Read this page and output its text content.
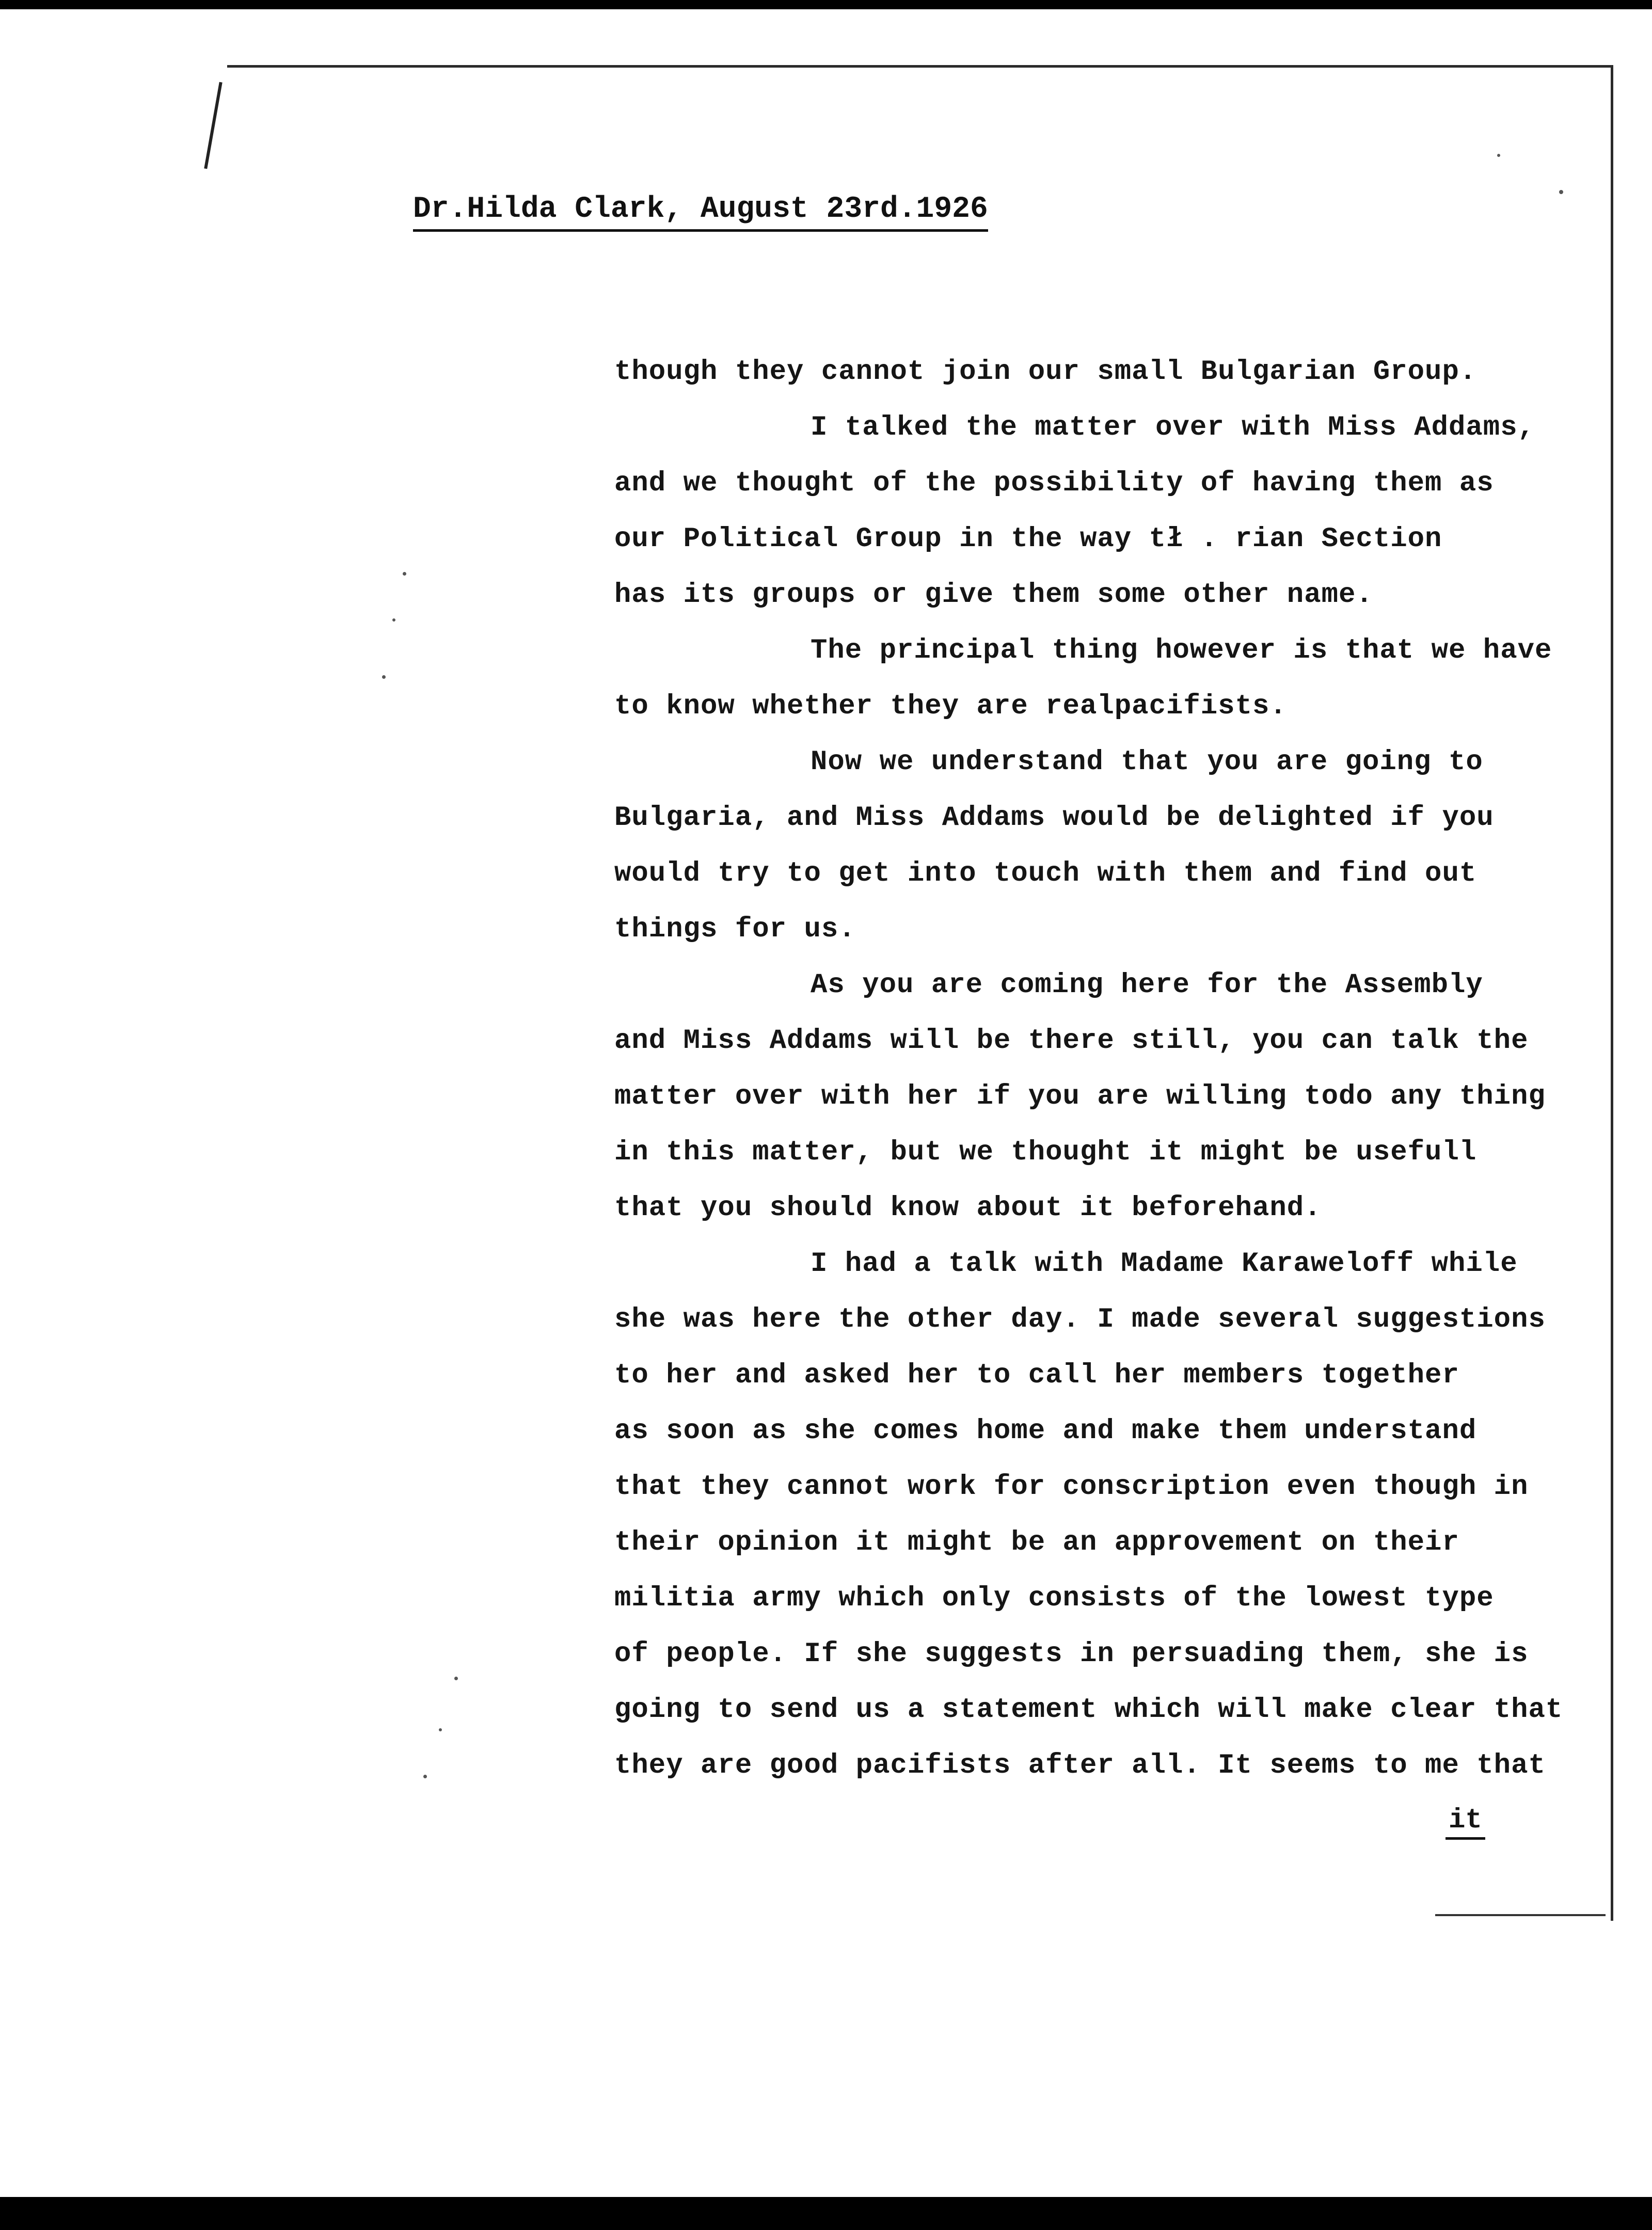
Dr.Hilda Clark, August 23rd.1926

though they cannot join our small Bulgarian Group.

I talked the matter over with Miss Addams,

and we thought of the possibility of having them as

our Political Group in the way tł . rian Section

has its groups or give them some other name.

The principal thing however is that we have

to know whether they are realpacifists.

Now we understand that you are going to

Bulgaria, and Miss Addams would be delighted if you

would try to get into touch with them and find out

things for us.

As you are coming here for the Assembly

and Miss Addams will be there still, you can talk the

matter over with her if you are willing todo any thing

in this matter, but we thought it might be usefull

that you should know about it beforehand.

I had a talk with Madame Karaweloff while

she was here the other day. I made several suggestions

to her and asked her to call her members together

as soon as she comes home and make them understand

that they cannot work for conscription even though in

their opinion it might be an approvement on their

militia army which only consists of the lowest type

of people. If she suggests in persuading them, she is

going to send us a statement which will make clear that

they are good pacifists after all. It seems to me that

it
